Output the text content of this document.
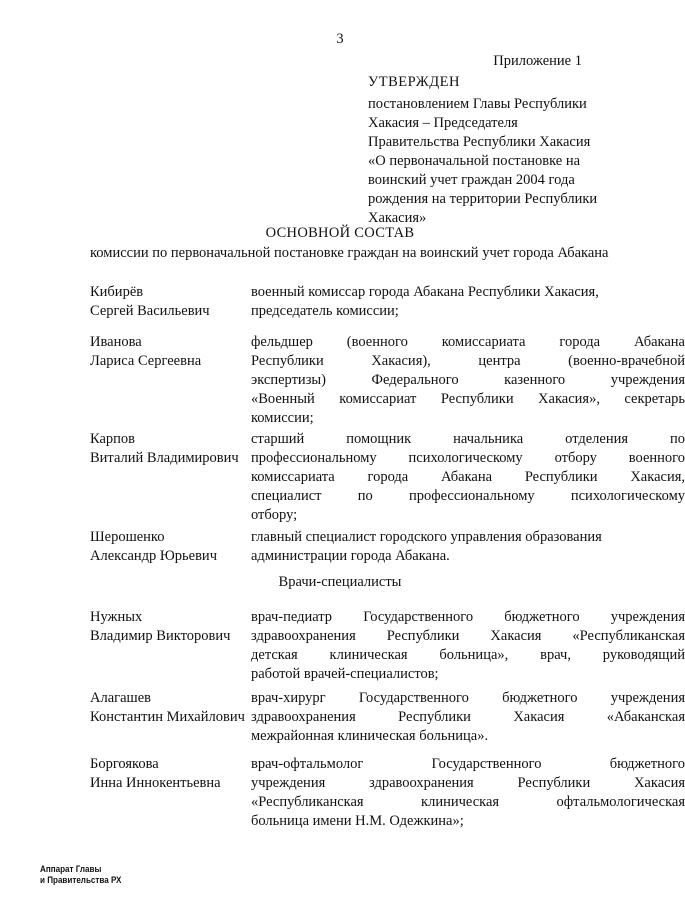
3
Приложение 1
УТВЕРЖДЕН
постановлением Главы Республики
Хакасия – Председателя
Правительства Республики Хакасия
«О первоначальной постановке на
воинский учет граждан 2004 года
рождения на территории Республики
Хакасия»
ОСНОВНОЙ СОСТАВ
комиссии по первоначальной постановке граждан на воинский учет города Абакана
Кибирёв
Сергей Васильевич
военный комиссар города Абакана Республики Хакасия,
председатель комиссии;
Иванова
Лариса Сергеевна
фельдшер (военного комиссариата города Абакана
Республики Хакасия), центра (военно-врачебной
экспертизы) Федерального казенного учреждения
«Военный комиссариат Республики Хакасия», секретарь
комиссии;
Карпов
Виталий Владимирович
старший помощник начальника отделения по
профессиональному психологическому отбору военного
комиссариата города Абакана Республики Хакасия,
специалист по профессиональному психологическому
отбору;
Шерошенко
Александр Юрьевич
главный специалист городского управления образования
администрации города Абакана.
Врачи-специалисты
Нужных
Владимир Викторович
врач-педиатр Государственного бюджетного учреждения
здравоохранения Республики Хакасия «Республиканская
детская клиническая больница», врач, руководящий
работой врачей-специалистов;
Алагашев
Константин Михайлович
врач-хирург Государственного бюджетного учреждения
здравоохранения Республики Хакасия «Абаканская
межрайонная клиническая больница».
Боргоякова
Инна Иннокентьевна
врач-офтальмолог Государственного бюджетного
учреждения здравоохранения Республики Хакасия
«Республиканская клиническая офтальмологическая
больница имени Н.М. Одежкина»;
Аппарат Главы
и Правительства РХ
